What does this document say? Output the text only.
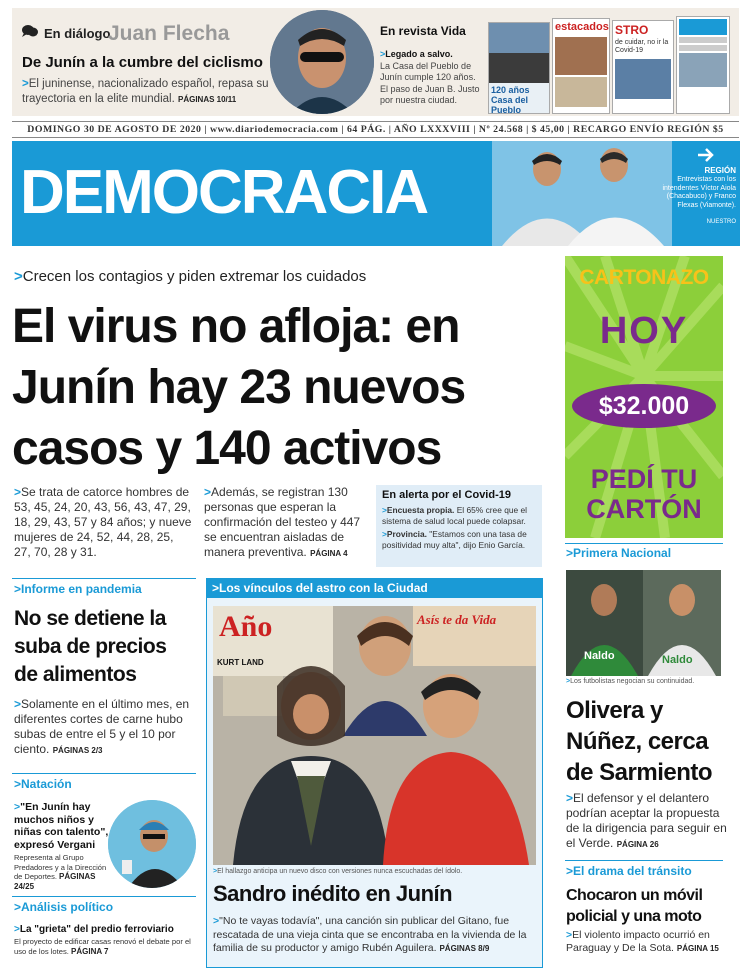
En diálogo
Juan Flecha
De Junín a la cumbre del ciclismo
>El juninense, nacionalizado español, repasa su trayectoria en la elite mundial. PÁGINAS 10/11
En revista Vida
>Legado a salvo.
La Casa del Pueblo de Junín cumple 120 años. El paso de Juan B. Justo por nuestra ciudad.
120 años Casa del Pueblo
estacados STRO
de cuidar, no ir la Covid-19
DOMINGO 30 DE AGOSTO DE 2020 | www.diariodemocracia.com | 64 PÁG. | AÑO LXXXVIII | Nº 24.568 | $ 45,00 | RECARGO ENVÍO REGIÓN $5
DEMOCRACIA	REGIÓN
Entrevistas con los intendentes Víctor Aiola (Chacabuco) y Franco Flexas (Viamonte).
NUESTRO
>Crecen los contagios y piden extremar los cuidados
El virus no afloja: en
Junín hay 23 nuevos
casos y 140 activos
>Se trata de catorce hombres de 53, 45, 24, 20, 43, 56, 43, 47, 29, 18, 29, 43, 57 y 84 años; y nueve mujeres de 24, 52, 44, 28, 25, 27, 70, 28 y 31.
>Además, se registran 130 personas que esperan la confirmación del testeo y 447 se encuentran aisladas de manera preventiva. PÁGINA 4
En alerta por el Covid-19
>Encuesta propia. El 65% cree que el sistema de salud local puede colapsar.
>Provincia. "Estamos con una tasa de positividad muy alta", dijo Enio García.
CARTONAZO
HOY
$32.000
PEDÍ TU
CARTÓN
>Primera Nacional
Naldo	Naldo
>Los futbolistas negocian su continuidad.
Olivera y
Núñez, cerca
de Sarmiento
>El defensor y el delantero podrían aceptar la propuesta de la dirigencia para seguir en el Verde. PÁGINA 26
>El drama del tránsito
Chocaron un móvil
policial y una moto
>El violento impacto ocurrió en Paraguay y De la Sota. PÁGINA 15
>Informe en pandemia
No se detiene la
suba de precios
de alimentos
>Solamente en el último mes, en diferentes cortes de carne hubo subas de entre el 5 y el 10 por ciento. PÁGINAS 2/3
>Natación
>"En Junín hay muchos niños y niñas con talento", expresó Vergani
Representa al Grupo Predadores y a la Dirección de Deportes. PÁGINAS 24/25
>Análisis político
>La "grieta" del predio ferroviario
El proyecto de edificar casas renovó el debate por el uso de los lotes. PÁGINA 7
>Los vínculos del astro con la Ciudad
Año	Asís te da Vida
KURT LAND
>El hallazgo anticipa un nuevo disco con versiones nunca escuchadas del ídolo.
Sandro inédito en Junín
>"No te vayas todavía", una canción sin publicar del Gitano, fue rescatada de una vieja cinta que se encontraba en la vivienda de la familia de su productor y amigo Rubén Aguilera. PÁGINAS 8/9
